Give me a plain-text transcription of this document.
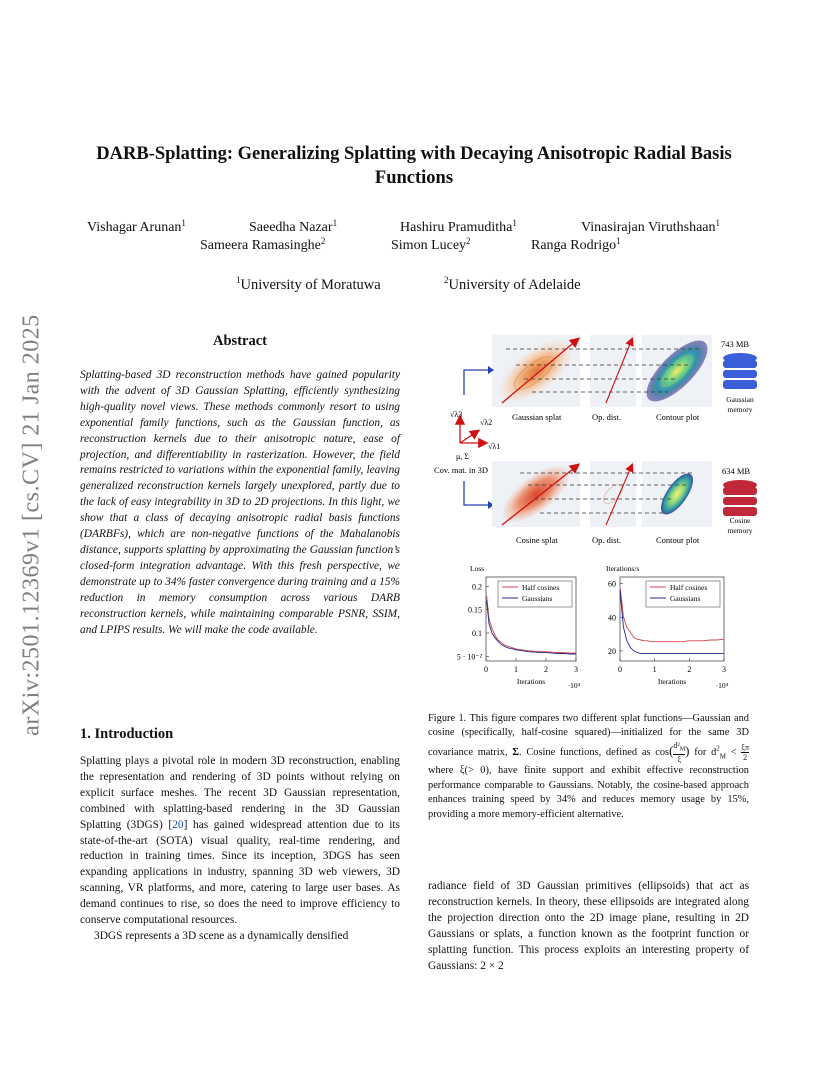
arXiv:2501.12369v1 [cs.CV] 21 Jan 2025
DARB-Splatting: Generalizing Splatting with Decaying Anisotropic Radial Basis Functions
Vishagar Arunan$^1$	Saeedha Nazar$^1$	Hashiru Pramuditha$^1$	Vinasirajan Viruthshaan$^1$
Sameera Ramasinghe$^2$	Simon Lucey$^2$	Ranga Rodrigo$^1$
$^1$University of Moratuwa	$^2$University of Adelaide
Abstract

Splatting-based 3D reconstruction methods have gained popularity with the advent of 3D Gaussian Splatting, efficiently synthesizing high-quality novel views. These methods commonly resort to using exponential family functions, such as the Gaussian function, as reconstruction kernels due to their anisotropic nature, ease of projection, and differentiability in rasterization. However, the field remains restricted to variations within the exponential family, leaving generalized reconstruction kernels largely unexplored, partly due to the lack of easy integrability in 3D to 2D projections. In this light, we show that a class of decaying anisotropic radial basis functions (DARBFs), which are non-negative functions of the Mahalanobis distance, supports splatting by approximating the Gaussian function’s closed-form integration advantage. With this fresh perspective, we demonstrate up to 34% faster convergence during training and a 15% reduction in memory consumption across various DARB reconstruction kernels, while maintaining comparable PSNR, SSIM, and LPIPS results. We will make the code available.

1. Introduction

Splatting plays a pivotal role in modern 3D reconstruction, enabling the representation and rendering of 3D points without relying on explicit surface meshes. The recent 3D Gaussian representation, combined with splatting-based rendering in the 3D Gaussian Splatting (3DGS) [20] has gained widespread attention due to its state-of-the-art (SOTA) visual quality, real-time rendering, and reduction in training times. Since its inception, 3DGS has seen expanding applications in industry, spanning 3D web viewers, 3D scanning, VR platforms, and more, catering to large user bases. As demand continues to rise, so does the need to improve efficiency to conserve computational resources.

3DGS represents a 3D scene as a dynamically densified

Gaussian splat	Op. dist.	Contour plot
743 MB
Gaussian
memory
√λ3
√λ2
√λ1
μ, Σ
Cov. mat. in 3D
Cosine splat	Op. dist.	Contour plot
634 MB
Cosine
memory
Loss
0.2
0.15
0.1
5 · 10⁻²
0	1	2	3
Iterations	·10⁴
Half cosines
Gaussians
Iterations/s
60
40
20
0	1	2	3
Iterations	·10⁴
Half cosines
Gaussians

Figure 1. This figure compares two different splat functions—Gaussian and cosine (specifically, half-cosine squared)—initialized for the same 3D covariance matrix, Σ. Cosine functions, defined as $\cos( \frac{d^2_M}{\xi}$ ) for $d^2_M < \frac{\xi\pi}{2}$
where ξ(> 0), have finite support and exhibit effective reconstruction performance comparable to Gaussians. Notably, the cosine-based approach enhances training speed by 34% and reduces memory usage by 15%, providing a more memory-efficient alternative.

radiance field of 3D Gaussian primitives (ellipsoids) that act as reconstruction kernels. In theory, these ellipsoids are integrated along the projection direction onto the 2D image plane, resulting in 2D Gaussians or splats, a function known as the footprint function or splatting function. This process exploits an interesting property of Gaussians: 2 × 2
